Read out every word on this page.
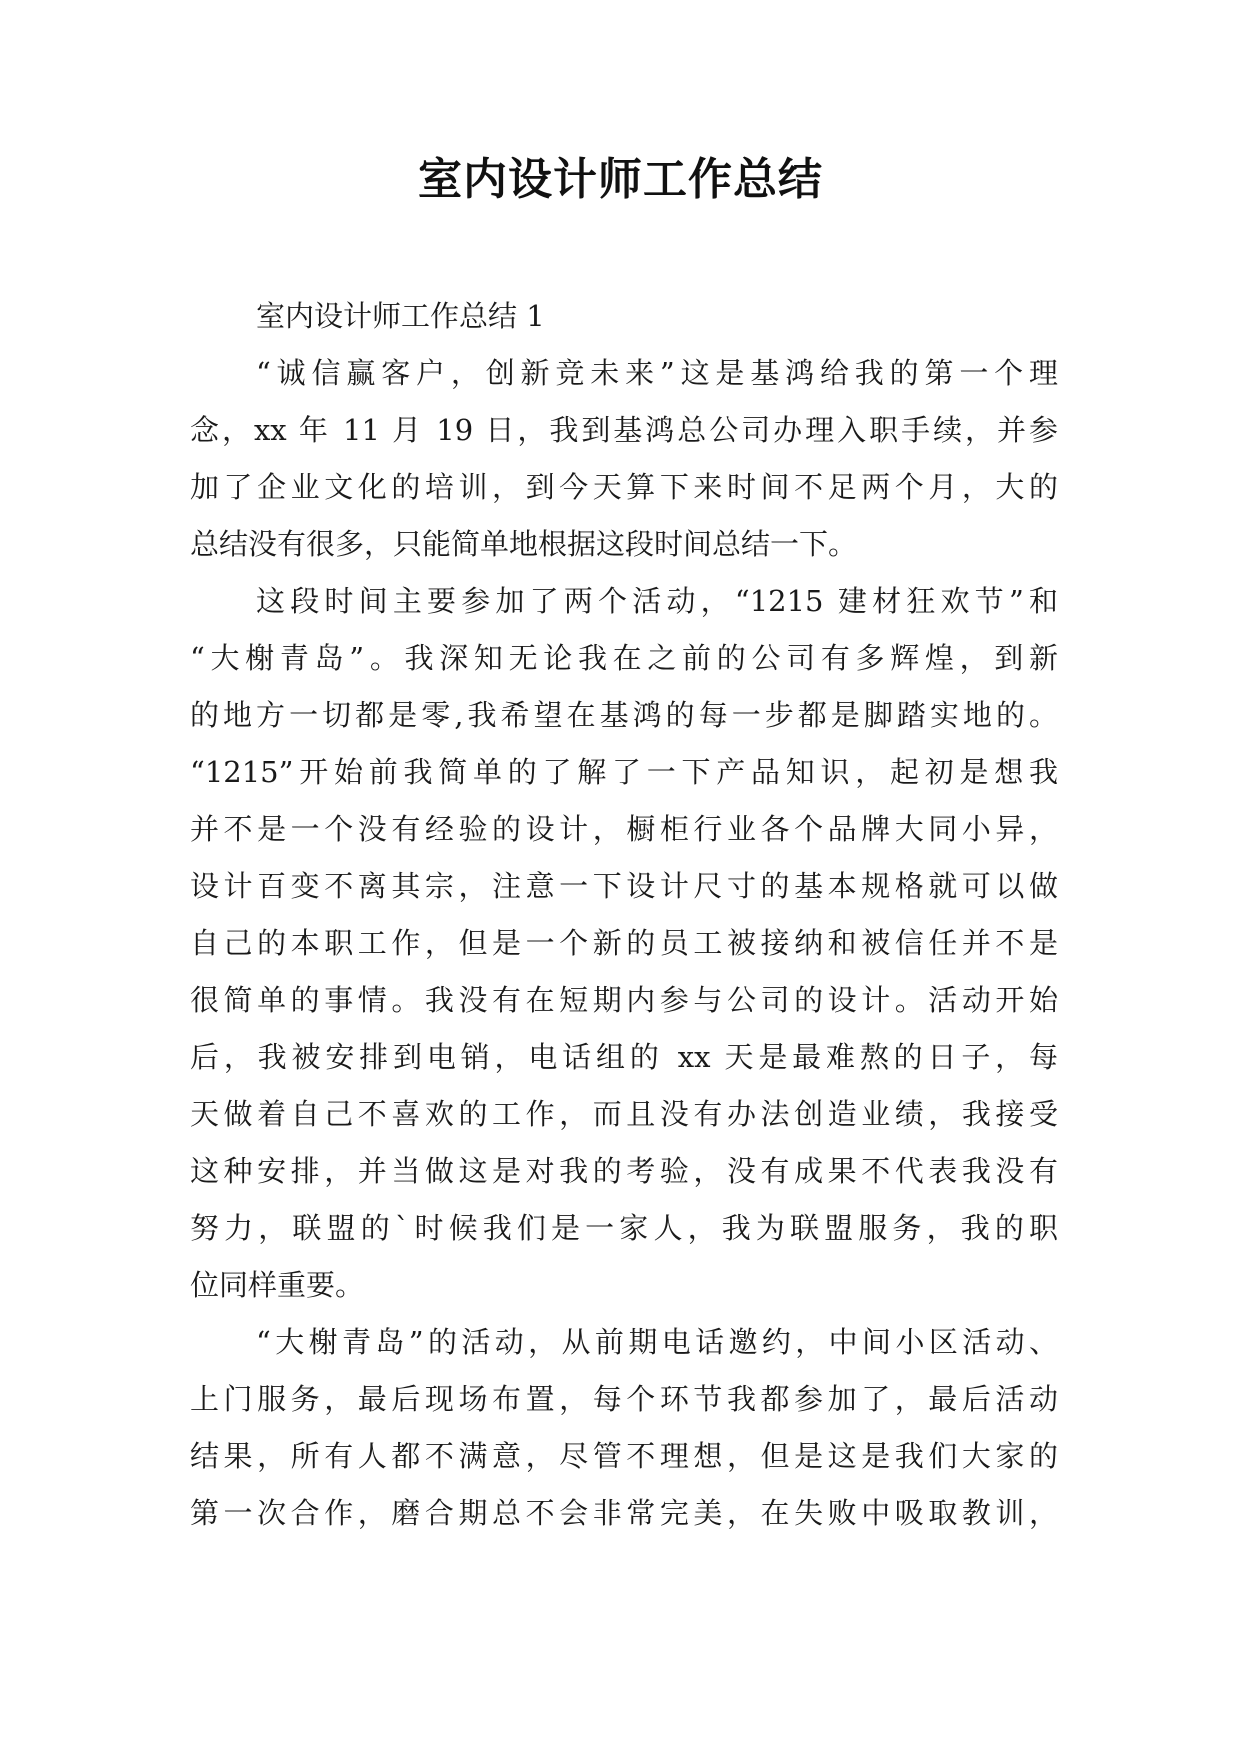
室内设计师工作总结
室内设计师工作总结 1
“诚信赢客户，创新竞未来”这是基鸿给我的第一个理
念，xx 年 11 月 19 日，我到基鸿总公司办理入职手续，并参
加了企业文化的培训，到今天算下来时间不足两个月，大的
总结没有很多，只能简单地根据这段时间总结一下。
这段时间主要参加了两个活动，“1215 建材狂欢节”和
“大榭青岛”。我深知无论我在之前的公司有多辉煌，到新
的地方一切都是零,我希望在基鸿的每一步都是脚踏实地的。
“1215”开始前我简单的了解了一下产品知识，起初是想我
并不是一个没有经验的设计，橱柜行业各个品牌大同小异，
设计百变不离其宗，注意一下设计尺寸的基本规格就可以做
自己的本职工作，但是一个新的员工被接纳和被信任并不是
很简单的事情。我没有在短期内参与公司的设计。活动开始
后，我被安排到电销，电话组的 xx 天是最难熬的日子，每
天做着自己不喜欢的工作，而且没有办法创造业绩，我接受
这种安排，并当做这是对我的考验，没有成果不代表我没有
努力，联盟的`时候我们是一家人，我为联盟服务，我的职
位同样重要。
“大榭青岛”的活动，从前期电话邀约，中间小区活动、
上门服务，最后现场布置，每个环节我都参加了，最后活动
结果，所有人都不满意，尽管不理想，但是这是我们大家的
第一次合作，磨合期总不会非常完美，在失败中吸取教训，
